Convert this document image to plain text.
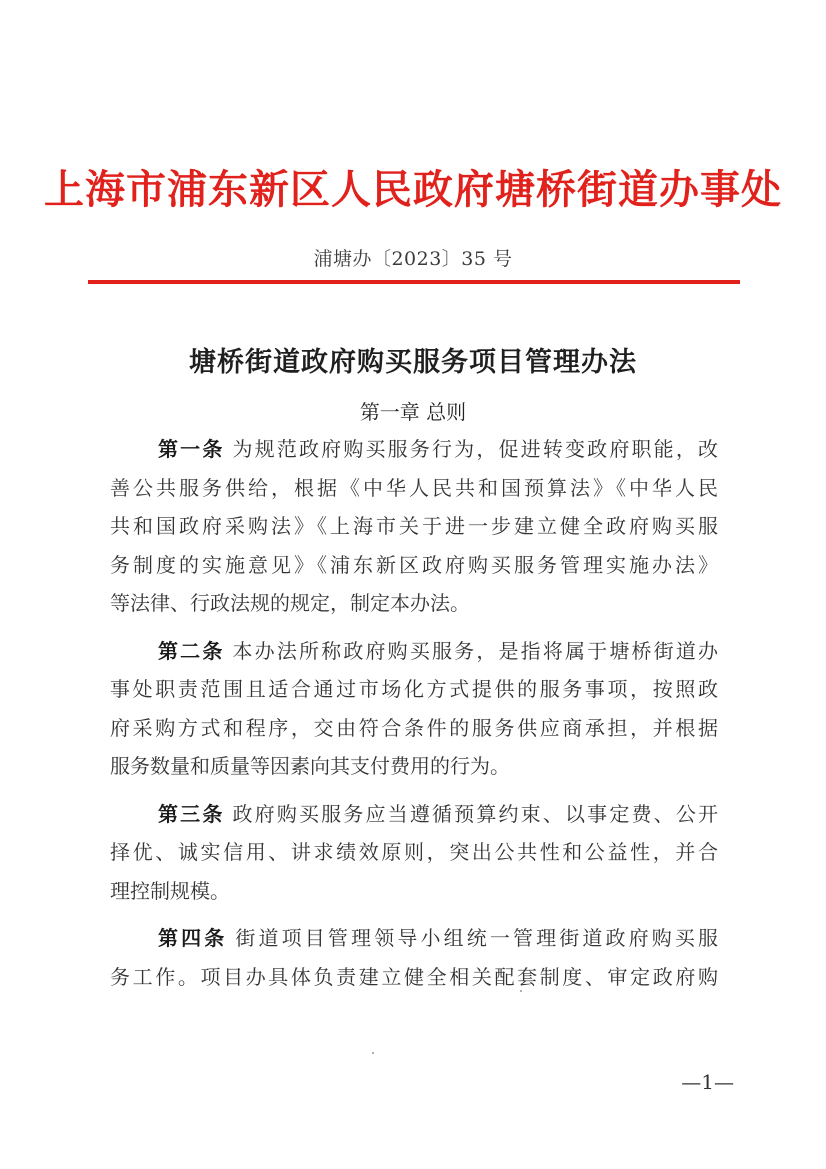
上海市浦东新区人民政府塘桥街道办事处
浦塘办〔2023〕35 号
塘桥街道政府购买服务项目管理办法
第一章 总则
第一条 为规范政府购买服务行为，促进转变政府职能，改
善公共服务供给，根据《中华人民共和国预算法》《中华人民
共和国政府采购法》《上海市关于进一步建立健全政府购买服
务制度的实施意见》《浦东新区政府购买服务管理实施办法》
等法律、行政法规的规定，制定本办法。
第二条 本办法所称政府购买服务，是指将属于塘桥街道办
事处职责范围且适合通过市场化方式提供的服务事项，按照政
府采购方式和程序，交由符合条件的服务供应商承担，并根据
服务数量和质量等因素向其支付费用的行为。
第三条 政府购买服务应当遵循预算约束、以事定费、公开
择优、诚实信用、讲求绩效原则，突出公共性和公益性，并合
理控制规模。
第四条 街道项目管理领导小组统一管理街道政府购买服
务工作。项目办具体负责建立健全相关配套制度、审定政府购
—1—
